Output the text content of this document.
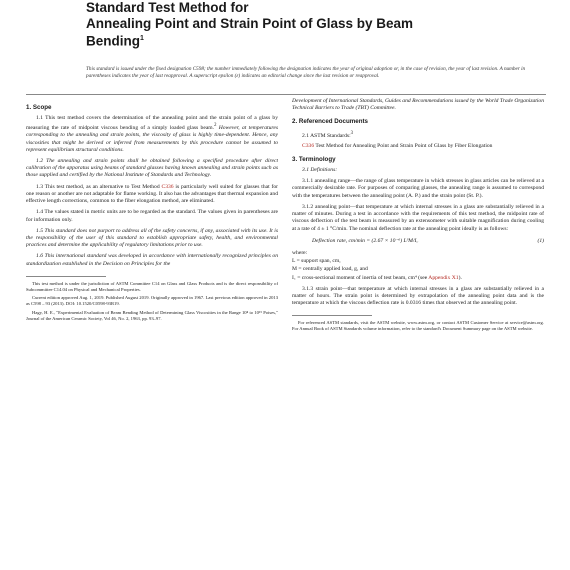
Standard Test Method for
Annealing Point and Strain Point of Glass by Beam
Bending$^1$
This standard is issued under the fixed designation C598; the number immediately following the designation indicates the year of original adoption or, in the case of revision, the year of last revision. A number in parentheses indicates the year of last reapproval. A superscript epsilon (ε) indicates an editorial change since the last revision or reapproval.
1. Scope

1.1 This test method covers the determination of the annealing point and the strain point of a glass by measuring the rate of midpoint viscous bending of a simply loaded glass beam.$^2$ However, at temperatures corresponding to the annealing and strain points, the viscosity of glass is highly time-dependent. Hence, any viscosities that might be derived or inferred from measurements by this procedure cannot be assumed to represent equilibrium structural conditions.

1.2 The annealing and strain points shall be obtained following a specified procedure after direct calibration of the apparatus using beams of standard glasses having known annealing and strain points such as those supplied and certified by the National Institute of Standards and Technology.

1.3 This test method, as an alternative to Test Method C336 is particularly well suited for glasses that for one reason or another are not adaptable for flame working. It also has the advantages that thermal expansion and effective length corrections, common to the fiber elongation method, are eliminated.

1.4 The values stated in metric units are to be regarded as the standard. The values given in parentheses are for information only.

1.5 This standard does not purport to address all of the safety concerns, if any, associated with its use. It is the responsibility of the user of this standard to establish appropriate safety, health, and environmental practices and determine the applicability of regulatory limitations prior to use.

1.6 This international standard was developed in accordance with internationally recognized principles on standardization established in the Decision on Principles for the

This test method is under the jurisdiction of ASTM Committee C14 on Glass and Glass Products and is the direct responsibility of Subcommittee C14.04 on Physical and Mechanical Properties.
Current edition approved Aug. 1, 2019. Published August 2019. Originally approved in 1967. Last previous edition approved in 2013 as C598 – 93 (2013). DOI: 10.1520/C0598-93R19.
Hagy, H. E., "Experimental Evaluation of Beam Bending Method of Determining Glass Viscosities in the Range 10⁸ to 10¹⁵ Poises," Journal of the American Ceramic Society, Vol 46, No. 2, 1963, pp. 93–97.

Development of International Standards, Guides and Recommendations issued by the World Trade Organization Technical Barriers to Trade (TBT) Committee.

2. Referenced Documents
2.1 ASTM Standards:$^3$
C336 Test Method for Annealing Point and Strain Point of Glass by Fiber Elongation
3. Terminology

3.1 Definitions:

3.1.1 annealing range—the range of glass temperature in which stresses in glass articles can be relieved at a commercially desirable rate. For purposes of comparing glasses, the annealing range is assumed to correspond with the temperatures between the annealing point (A. P.) and the strain point (St. P.).

3.1.2 annealing point—that temperature at which internal stresses in a glass are substantially relieved in a matter of minutes. During a test in accordance with the requirements of this test method, the midpoint rate of viscous deflection of the test beam is measured by an extensometer with suitable magnification during cooling at a rate of 4 ± 1 °C/min. The nominal deflection rate at the annealing point ideally is as follows:

Deflection rate, cm/min = (2.67 × 10⁻⁶) L³M/I꜀	(1)
where:
L = support span, cm,
M = centrally applied load, g, and
I꜀ = cross-sectional moment of inertia of test beam, cm⁴ (see Appendix X1).

3.1.3 strain point—that temperature at which internal stresses in a glass are substantially relieved in a matter of hours. The strain point is determined by extrapolation of the annealing point data and is the temperature at which the viscous deflection rate is 0.0316 times that observed at the annealing point.

For referenced ASTM standards, visit the ASTM website, www.astm.org, or contact ASTM Customer Service at service@astm.org. For Annual Book of ASTM Standards volume information, refer to the standard's Document Summary page on the ASTM website.
